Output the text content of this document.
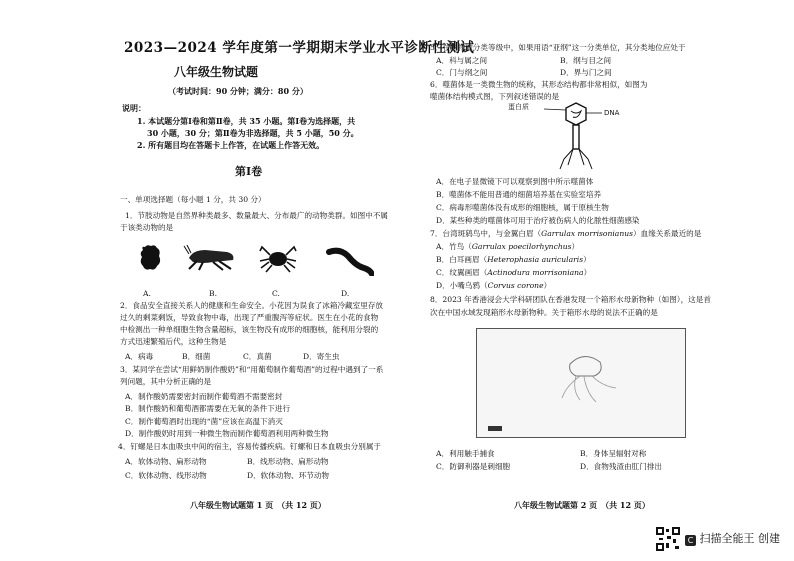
2023—2024 学年度第一学期期末学业水平诊断性测试
八年级生物试题
（考试时间：90 分钟；满分：80 分）
说明：
1. 本试题分第Ⅰ卷和第Ⅱ卷，共 35 小题。第Ⅰ卷为选择题，共
30 小题，30 分；第Ⅱ卷为非选择题，共 5 小题，50 分。
2. 所有题目均在答题卡上作答，在试题上作答无效。
第Ⅰ卷
一、单项选择题（每小题 1 分，共 30 分）
1．节肢动物是自然界种类最多、数量最大、分布最广的动物类群。如图中不属
于该类动物的是
A.	B.	C.	D.
2．食品安全直接关系人的健康和生命安全。小花因为误食了冰箱冷藏室里存放
过久的剩菜剩饭，导致食物中毒，出现了严重腹泻等症状。医生在小花的食物
中检测出一种单细胞生物含量超标，该生物没有成形的细胞核，能利用分裂的
方式迅速繁殖后代，这种生物是
A．病毒	B．细菌	C．真菌	D．寄生虫
3．某同学在尝试“用鲜奶制作酸奶”和“用葡萄制作葡萄酒”的过程中遇到了一系
列问题，其中分析正确的是
A．制作酸奶需要密封而制作葡萄酒不需要密封
B．制作酸奶和葡萄酒都需要在无氧的条件下进行
C．制作葡萄酒时出现的“菌”应该在高温下消灭
D．制作酸奶时用到一种微生物而制作葡萄酒利用两种微生物
4．钉螺是日本血吸虫中间的宿主，容易传播疾病。钉螺和日本血吸虫分别属于
A．软体动物、扁形动物	B．线形动物、扁形动物
C．软体动物、线形动物	D．软体动物、环节动物
八年级生物试题第 1 页　（共 12 页）
5．在生物的分类等级中，如果用语“亚纲”这一分类单位，其分类地位应处于
A．科与属之间	B．纲与目之间
C．门与纲之间	D．界与门之间
6．噬菌体是一类微生物的统称，其形态结构都非常相似，如图为
噬菌体结构模式图，下列叙述错误的是
蛋白质
DNA
A．在电子显微镜下可以观察到图中所示噬菌体
B．噬菌体不能用普通的细菌培养基在实验室培养
C．病毒形噬菌体没有成形的细胞核，属于原核生物
D．某些种类的噬菌体可用于治疗被伤病人的化脓性细菌感染
7．台湾斑鸫鸟中，与金翼白眉（Garrulax morrisonianus）血缘关系最近的是
A．竹鸟（Garrulax poecilorhynchus）
B．白耳画眉（Heterophasia auricularis）
C．纹翼画眉（Actinodura morrisoniana）
D．小嘴乌鸦（Corvus corone）
8．2023 年香港浸会大学科研团队在香港发现一个箱形水母新物种（如图），这是首
次在中国水域发现箱形水母新物种。关于箱形水母的说法不正确的是
A．利用触手捕食	B．身体呈辐射对称
C．防御利器是刺细胞	D．食物残渣由肛门排出
八年级生物试题第 2 页　（共 12 页）
C 扫描全能王 创建
